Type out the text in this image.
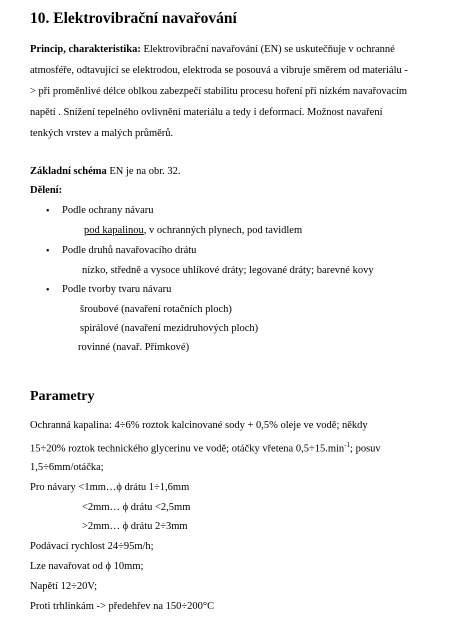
10. Elektrovibrační navařování
Princip, charakteristika: Elektrovibrační navařování (EN) se uskutečňuje v ochranné
atmosféře, odtavující se elektrodou, elektroda se posouvá a vibruje směrem od materiálu -
> při proměnlivé délce oblkou zabezpečí stabilitu procesu hoření při nízkém navařovacím
napětí . Snížení tepelného ovlivnění materiálu a tedy i deformací. Možnost navaření
tenkých vrstev a malých průměrů.
Základní schéma EN je na obr. 32.
Dělení:
• Podle ochrany návaru
pod kapalinou, v ochranných plynech, pod tavidlem
• Podle druhů navařovacího drátu
nízko, středně a vysoce uhlíkové dráty; legované dráty; barevné kovy
• Podle tvorby tvaru návaru
šroubové (navaření rotačních ploch)
spirálové (navaření mezidruhových ploch)
rovinné (navař. Přímkové)
Parametry
Ochranná kapalina: 4÷6% roztok kalcinované sody + 0,5% oleje ve vodě; někdy
15÷20% roztok technického glycerinu ve vodě; otáčky vřetena $0,5\div 15.\min^{-1}$; posuv
1,5÷6mm/otáčka;
Pro návary <1mm…ϕ drátu 1÷1,6mm
<2mm… ϕ drátu <2,5mm
>2mm… ϕ drátu 2÷3mm
Podávací rychlost 24÷95m/h;
Lze navařovat od ϕ 10mm;
Napětí 12÷20V;
Proti trhlinkám -> předehřev na 150÷200°C
